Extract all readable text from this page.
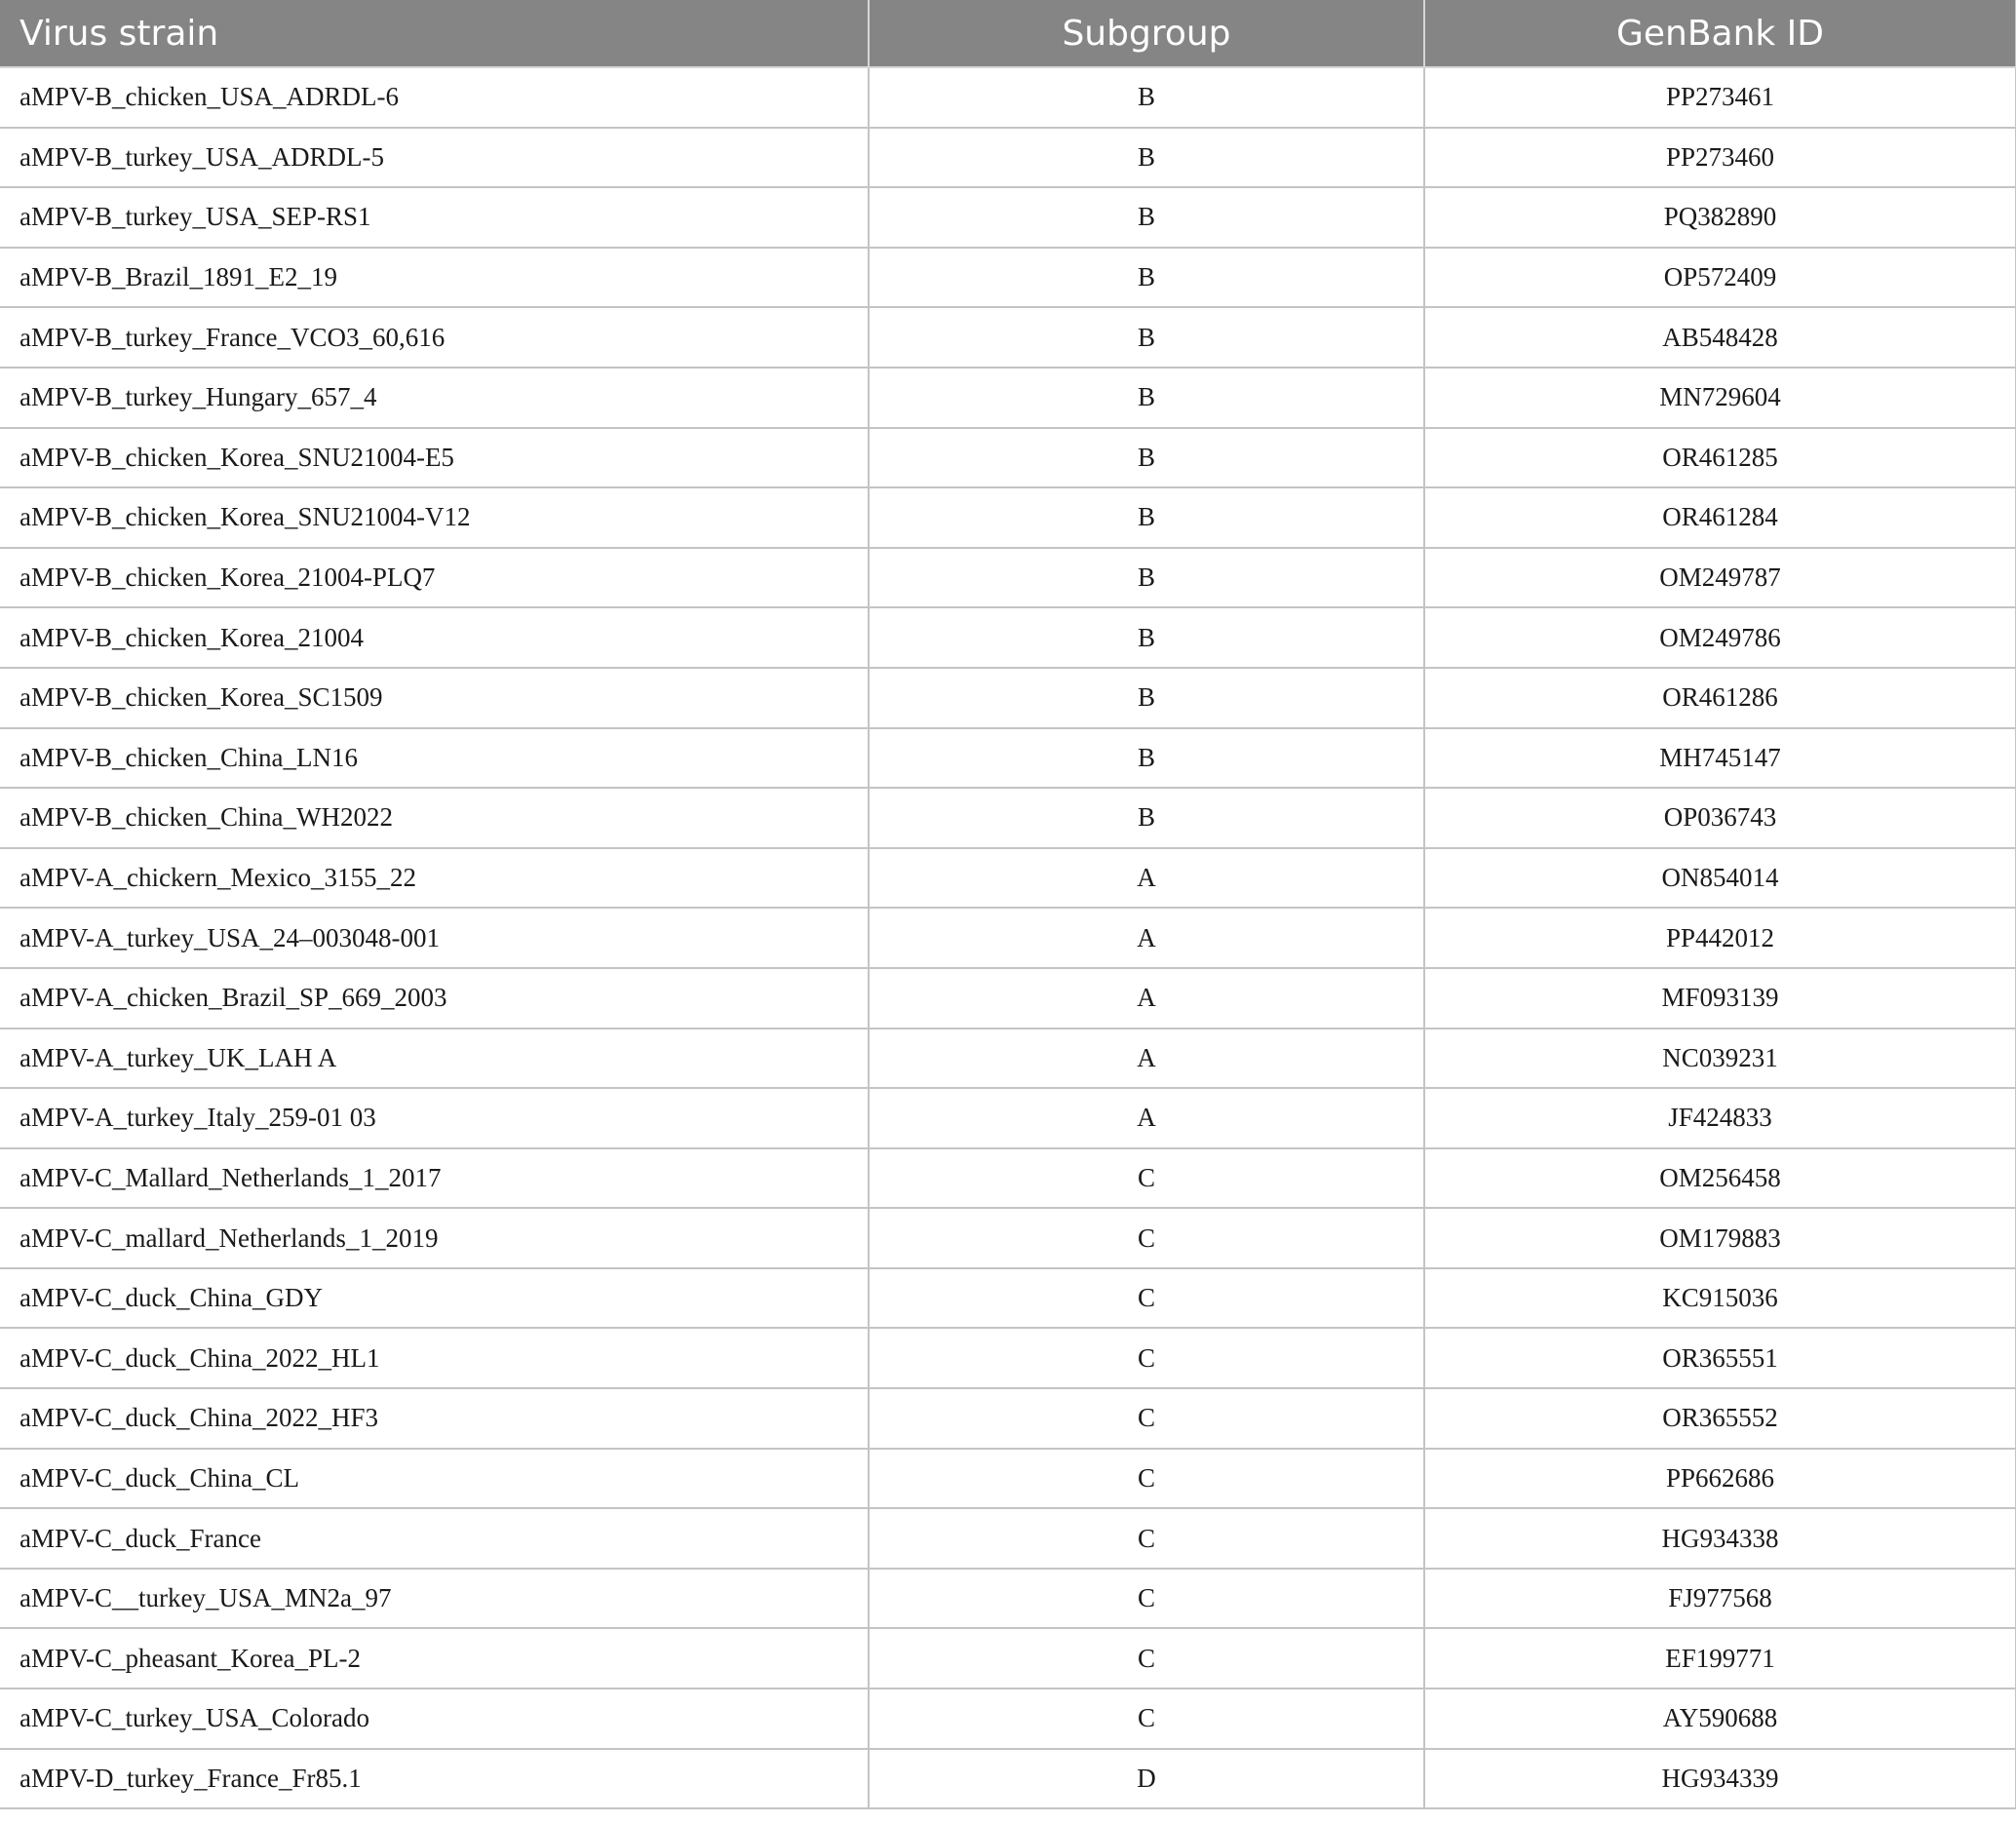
Virus strain	Subgroup	GenBank ID
aMPV-B_chicken_USA_ADRDL-6	B	PP273461
aMPV-B_turkey_USA_ADRDL-5	B	PP273460
aMPV-B_turkey_USA_SEP-RS1	B	PQ382890
aMPV-B_Brazil_1891_E2_19	B	OP572409
aMPV-B_turkey_France_VCO3_60,616	B	AB548428
aMPV-B_turkey_Hungary_657_4	B	MN729604
aMPV-B_chicken_Korea_SNU21004-E5	B	OR461285
aMPV-B_chicken_Korea_SNU21004-V12	B	OR461284
aMPV-B_chicken_Korea_21004-PLQ7	B	OM249787
aMPV-B_chicken_Korea_21004	B	OM249786
aMPV-B_chicken_Korea_SC1509	B	OR461286
aMPV-B_chicken_China_LN16	B	MH745147
aMPV-B_chicken_China_WH2022	B	OP036743
aMPV-A_chickern_Mexico_3155_22	A	ON854014
aMPV-A_turkey_USA_24–003048-001	A	PP442012
aMPV-A_chicken_Brazil_SP_669_2003	A	MF093139
aMPV-A_turkey_UK_LAH A	A	NC039231
aMPV-A_turkey_Italy_259-01 03	A	JF424833
aMPV-C_Mallard_Netherlands_1_2017	C	OM256458
aMPV-C_mallard_Netherlands_1_2019	C	OM179883
aMPV-C_duck_China_GDY	C	KC915036
aMPV-C_duck_China_2022_HL1	C	OR365551
aMPV-C_duck_China_2022_HF3	C	OR365552
aMPV-C_duck_China_CL	C	PP662686
aMPV-C_duck_France	C	HG934338
aMPV-C__turkey_USA_MN2a_97	C	FJ977568
aMPV-C_pheasant_Korea_PL-2	C	EF199771
aMPV-C_turkey_USA_Colorado	C	AY590688
aMPV-D_turkey_France_Fr85.1	D	HG934339
